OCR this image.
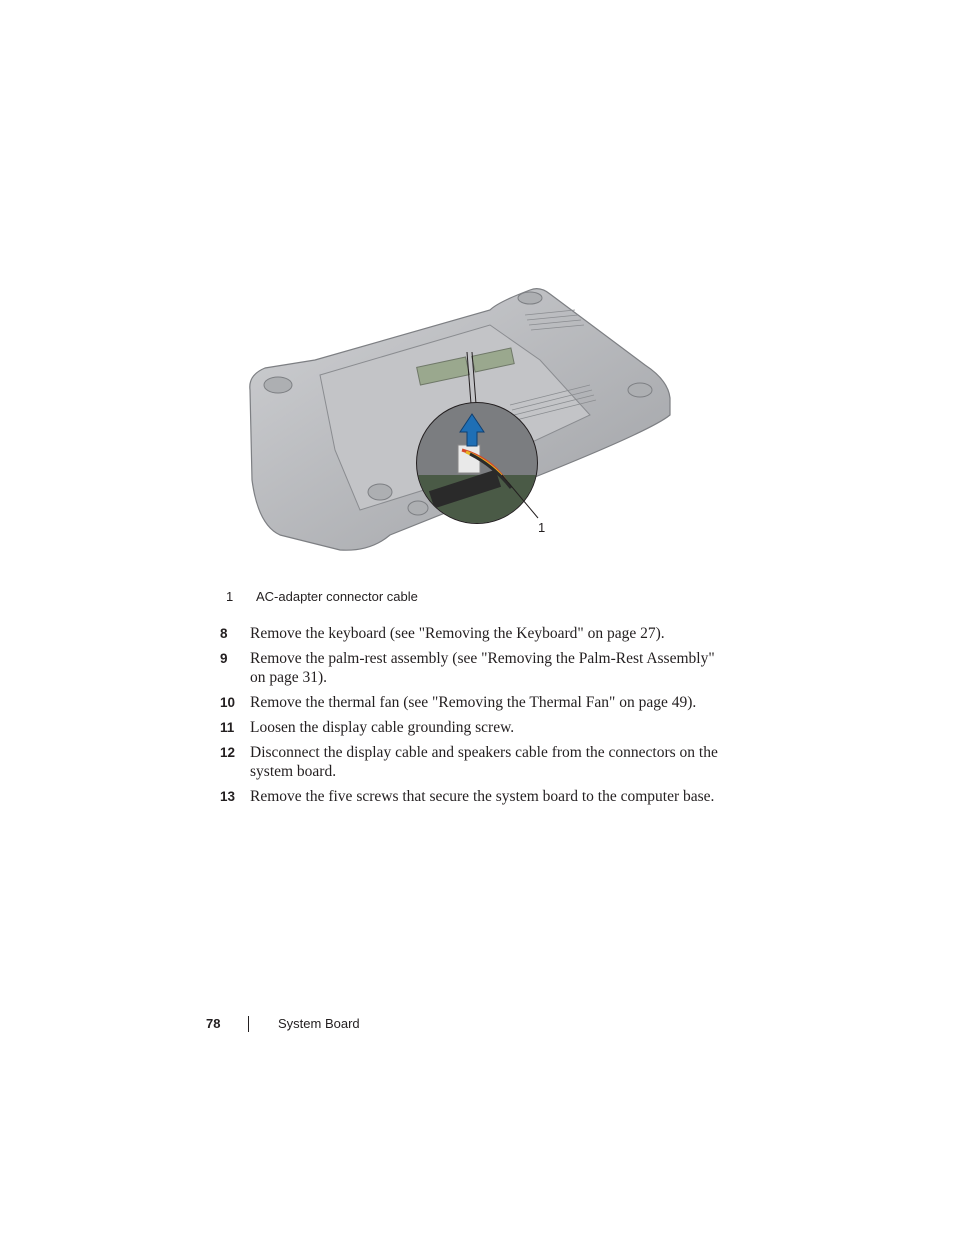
1
1 AC-adapter connector cable
8	Remove the keyboard (see "Removing the Keyboard" on page 27).
9	Remove the palm-rest assembly (see "Removing the Palm-Rest Assembly" on page 31).
10 Remove the thermal fan (see "Removing the Thermal Fan" on page 49).
11	Loosen the display cable grounding screw.
12 Disconnect the display cable and speakers cable from the connectors on the system board.
13 Remove the five screws that secure the system board to the computer base.
78	System Board
